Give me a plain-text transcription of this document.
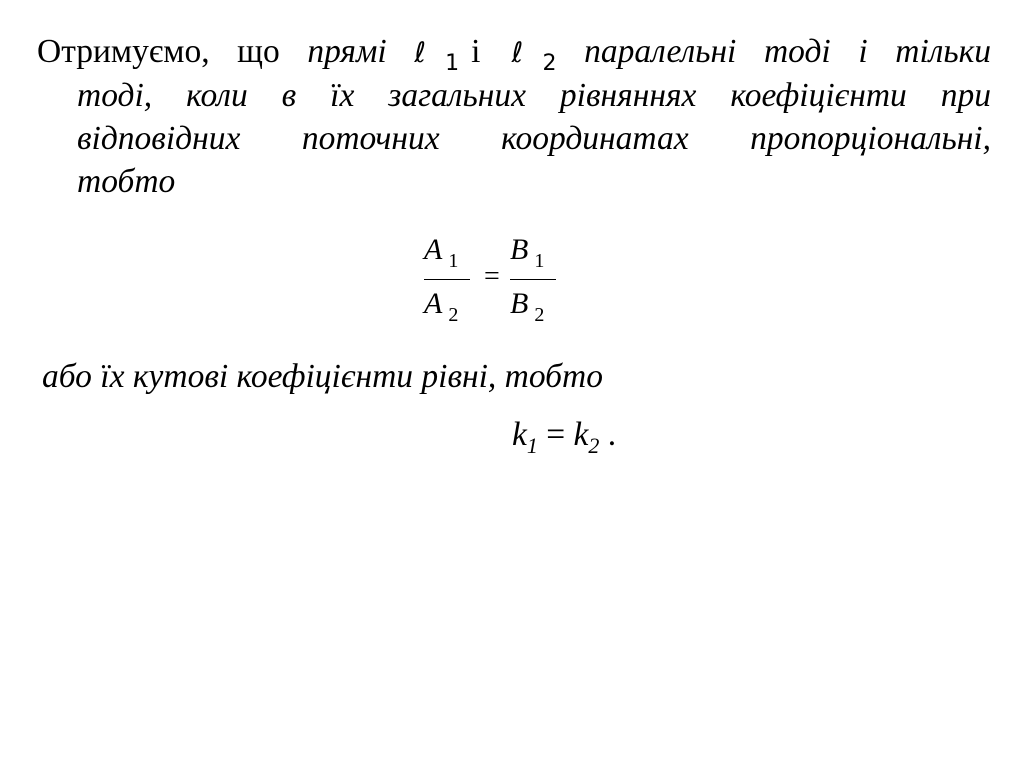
Отримуємо, що прямі ℓ$_1$ і ℓ$_2$ паралельні тоді і тільки
тоді, коли в їх загальних рівняннях коефіцієнти при
відповідних поточних координатах пропорціональні,
тобто
A $_1$
A $_2$
=
B $_1$
B $_2$
або їх кутові коефіцієнти рівні, тобто
$k_1 = k_2$ .
